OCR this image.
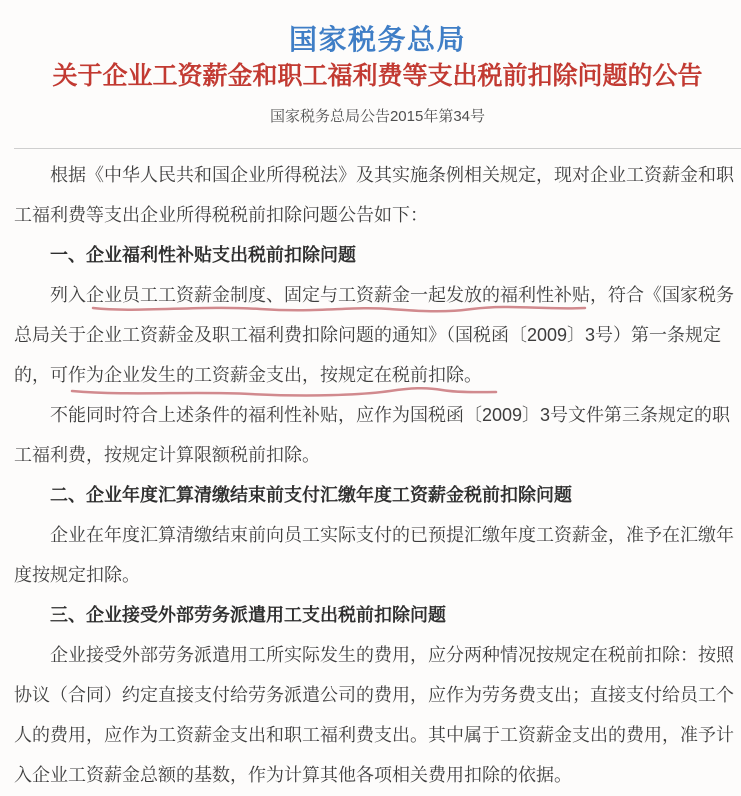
国家税务总局
关于企业工资薪金和职工福利费等支出税前扣除问题的公告
国家税务总局公告2015年第34号

根据《中华人民共和国企业所得税法》及其实施条例相关规定，现对企业工资薪金和职工福利费等支出企业所得税税前扣除问题公告如下：

一、企业福利性补贴支出税前扣除问题

列入企业员工工资薪金制度、固定与工资薪金一起发放的福利性补贴，符合《国家税务总局关于企业工资薪金及职工福利费扣除问题的通知》（国税函〔2009〕3号）第一条规定的，可作为企业发生的工资薪金支出，按规定在税前扣除。

不能同时符合上述条件的福利性补贴，应作为国税函〔2009〕3号文件第三条规定的职工福利费，按规定计算限额税前扣除。

二、企业年度汇算清缴结束前支付汇缴年度工资薪金税前扣除问题

企业在年度汇算清缴结束前向员工实际支付的已预提汇缴年度工资薪金，准予在汇缴年度按规定扣除。

三、企业接受外部劳务派遣用工支出税前扣除问题

企业接受外部劳务派遣用工所实际发生的费用，应分两种情况按规定在税前扣除：按照协议（合同）约定直接支付给劳务派遣公司的费用，应作为劳务费支出；直接支付给员工个人的费用，应作为工资薪金支出和职工福利费支出。其中属于工资薪金支出的费用，准予计入企业工资薪金总额的基数，作为计算其他各项相关费用扣除的依据。
